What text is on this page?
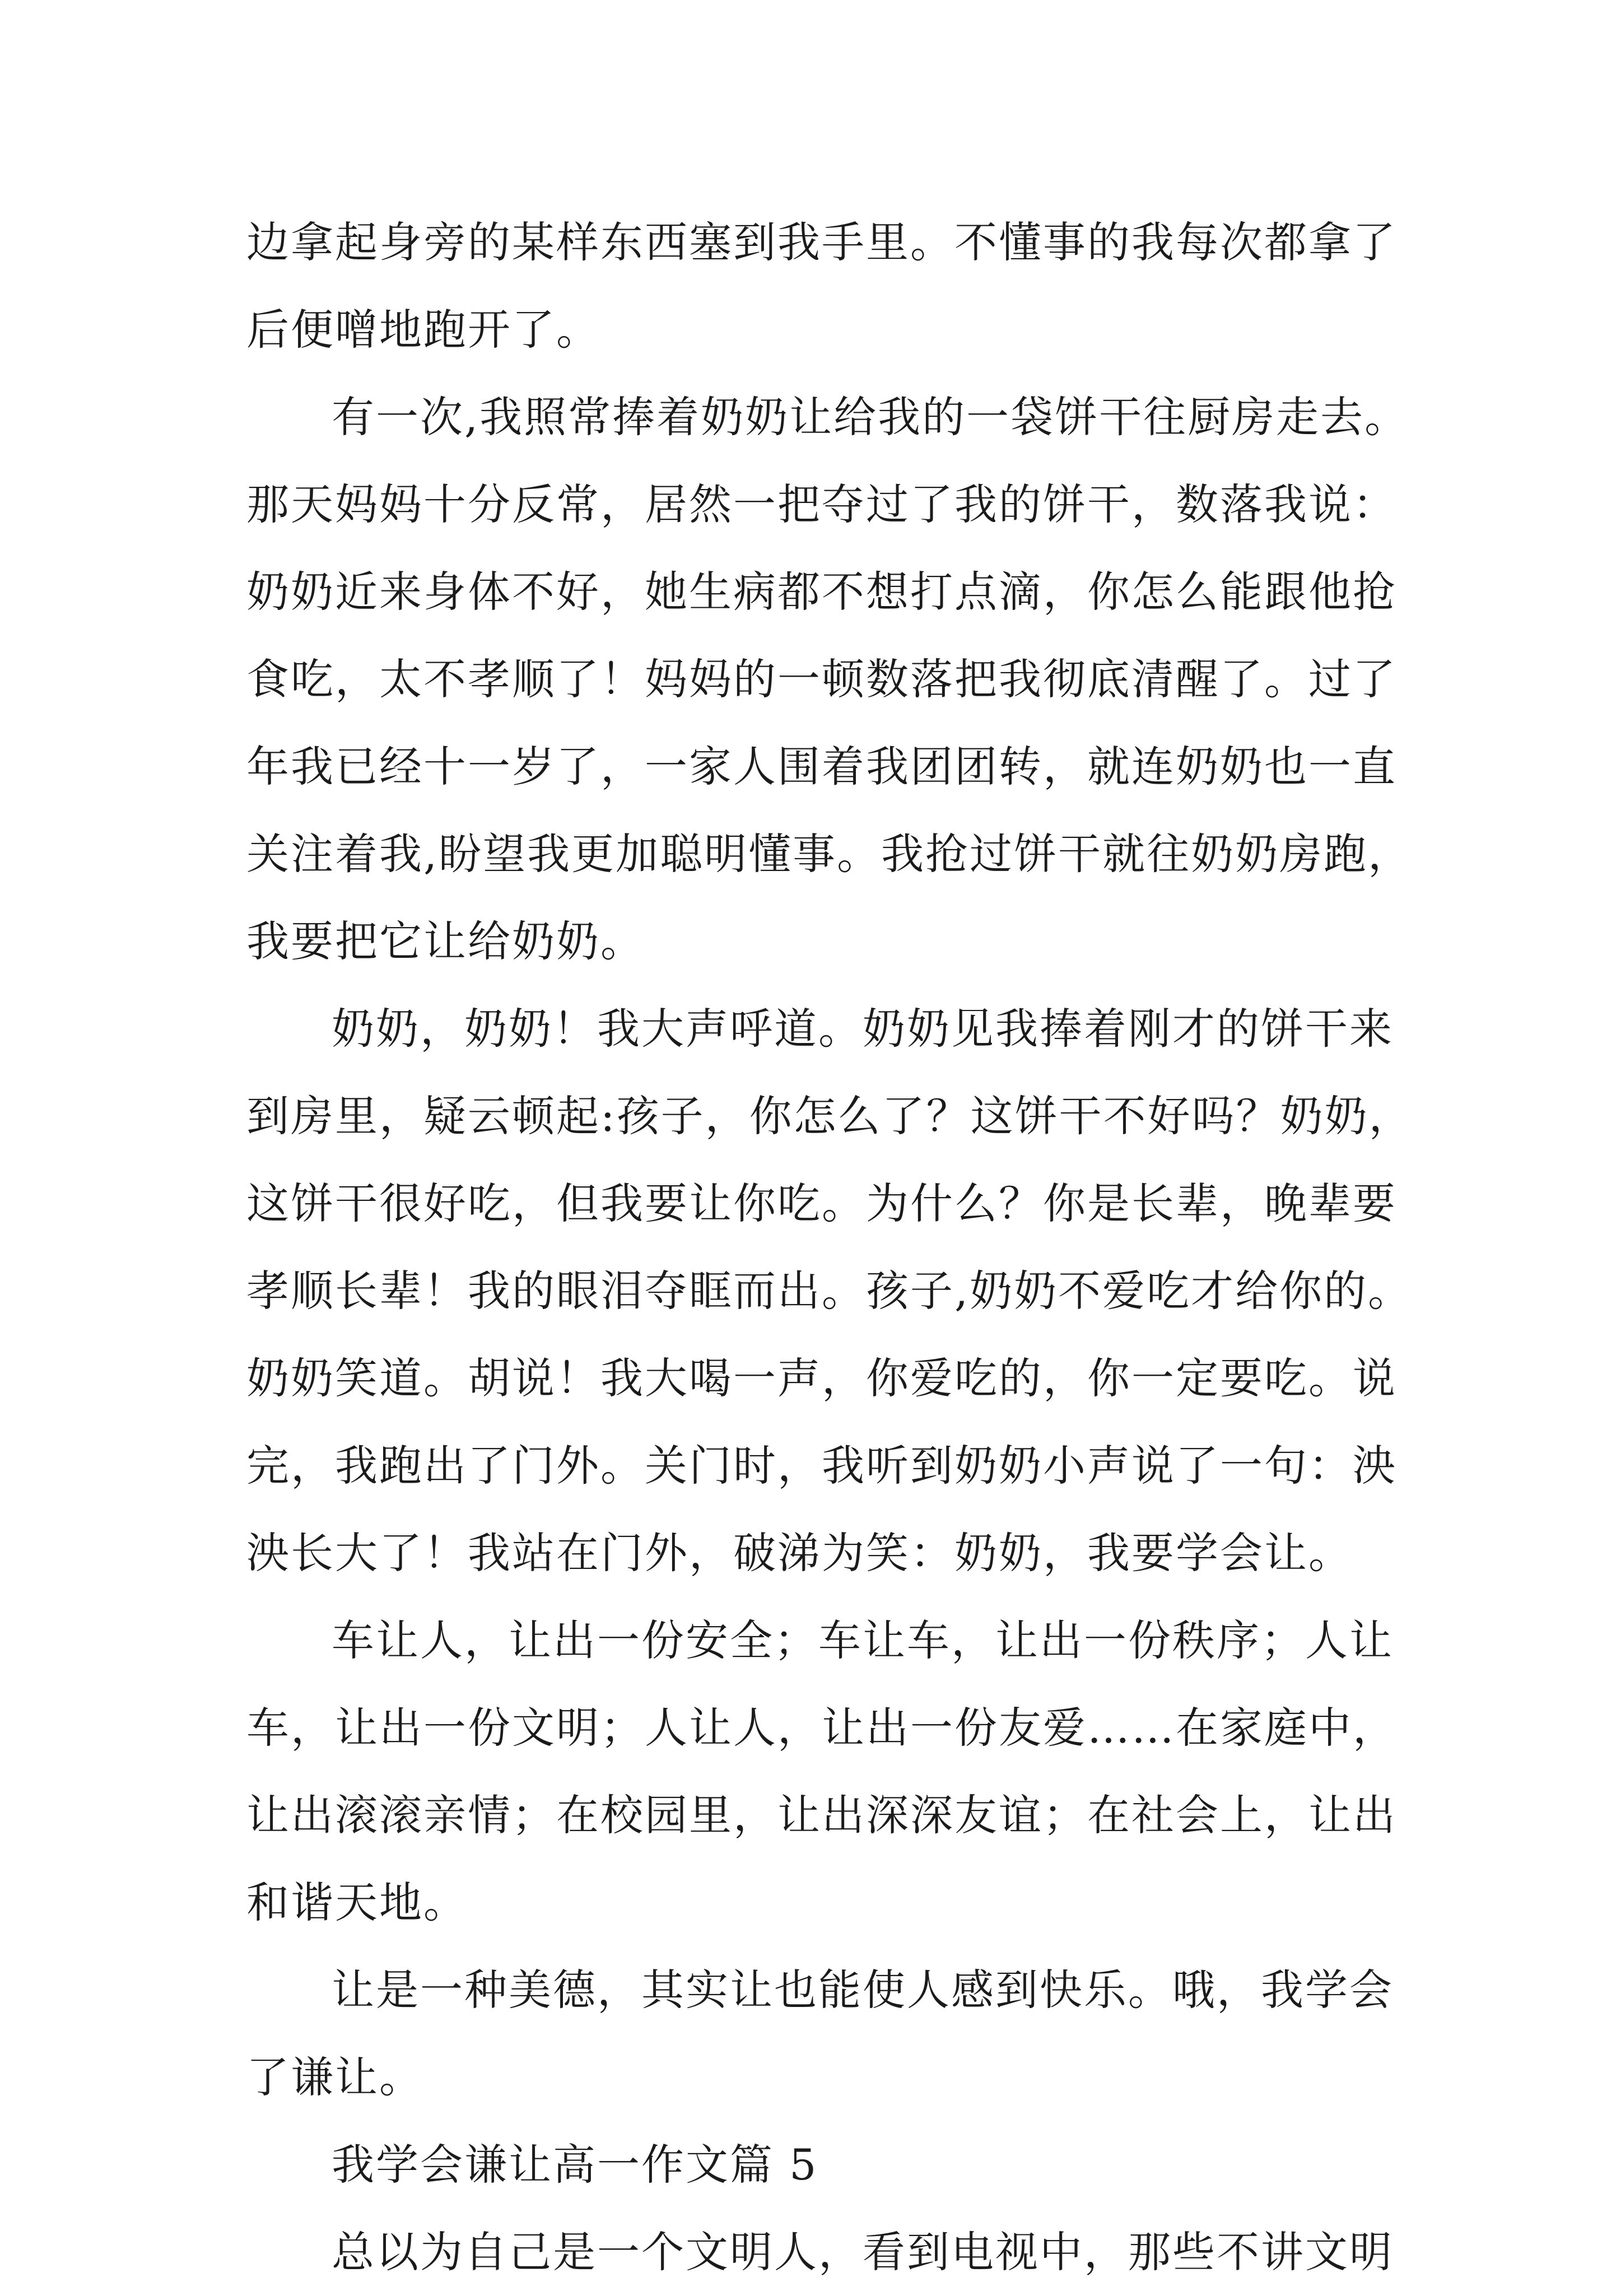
边拿起身旁的某样东西塞到我手里。不懂事的我每次都拿了
后便噌地跑开了。
有一次,我照常捧着奶奶让给我的一袋饼干往厨房走去。
那天妈妈十分反常，居然一把夺过了我的饼干，数落我说：
奶奶近来身体不好，她生病都不想打点滴，你怎么能跟他抢
食吃，太不孝顺了！妈妈的一顿数落把我彻底清醒了。过了
年我已经十一岁了，一家人围着我团团转，就连奶奶也一直
关注着我,盼望我更加聪明懂事。我抢过饼干就往奶奶房跑，
我要把它让给奶奶。
奶奶，奶奶！我大声呼道。奶奶见我捧着刚才的饼干来
到房里，疑云顿起:孩子，你怎么了？这饼干不好吗？奶奶，
这饼干很好吃，但我要让你吃。为什么？你是长辈，晚辈要
孝顺长辈！我的眼泪夺眶而出。孩子,奶奶不爱吃才给你的。
奶奶笑道。胡说！我大喝一声，你爱吃的，你一定要吃。说
完，我跑出了门外。关门时，我听到奶奶小声说了一句：泱
泱长大了！我站在门外，破涕为笑：奶奶，我要学会让。
车让人，让出一份安全；车让车，让出一份秩序；人让
车，让出一份文明；人让人，让出一份友爱……在家庭中，
让出滚滚亲情；在校园里，让出深深友谊；在社会上，让出
和谐天地。
让是一种美德，其实让也能使人感到快乐。哦，我学会
了谦让。
我学会谦让高一作文篇 5
总以为自己是一个文明人，看到电视中，那些不讲文明
